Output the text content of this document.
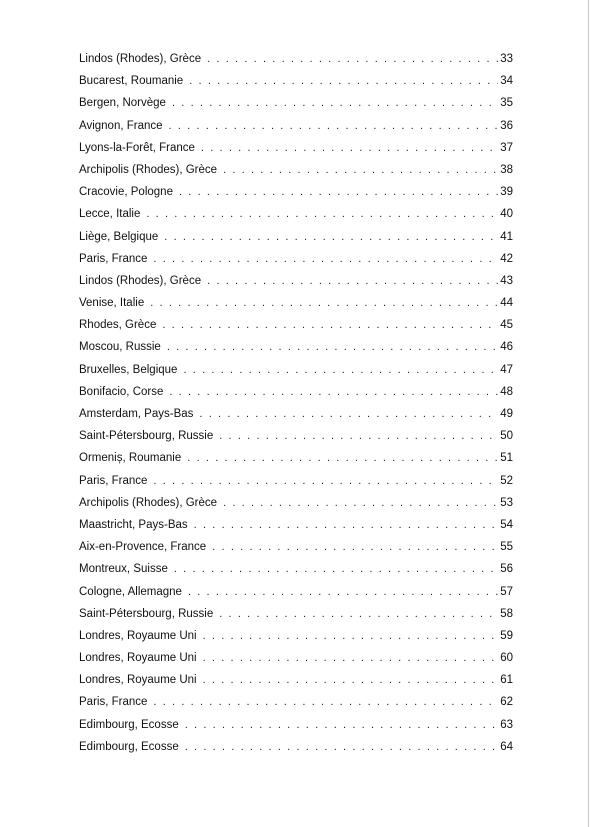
Lindos (Rhodes), Grèce . . .	33
Bucarest, Roumanie . . .	34
Bergen, Norvège . . .	35
Avignon, France . . .	36
Lyons-la-Forêt, France . . .	37
Archipolis (Rhodes), Grèce . . .	38
Cracovie, Pologne . . .	39
Lecce, Italie . . .	40
Liège, Belgique . . .	41
Paris, France . . .	42
Lindos (Rhodes), Grèce . . .	43
Venise, Italie . . .	44
Rhodes, Grèce . . .	45
Moscou, Russie . . .	46
Bruxelles, Belgique . . .	47
Bonifacio, Corse . . .	48
Amsterdam, Pays-Bas . . .	49
Saint-Pétersbourg, Russie . . .	50
Ormeniș, Roumanie . . .	51
Paris, France . . .	52
Archipolis (Rhodes), Grèce . . .	53
Maastricht, Pays-Bas . . .	54
Aix-en-Provence, France . . .	55
Montreux, Suisse . . .	56
Cologne, Allemagne . . .	57
Saint-Pétersbourg, Russie . . .	58
Londres, Royaume Uni . . .	59
Londres, Royaume Uni . . .	60
Londres, Royaume Uni . . .	61
Paris, France . . .	62
Edimbourg, Ecosse . . .	63
Edimbourg, Ecosse . . .	64
